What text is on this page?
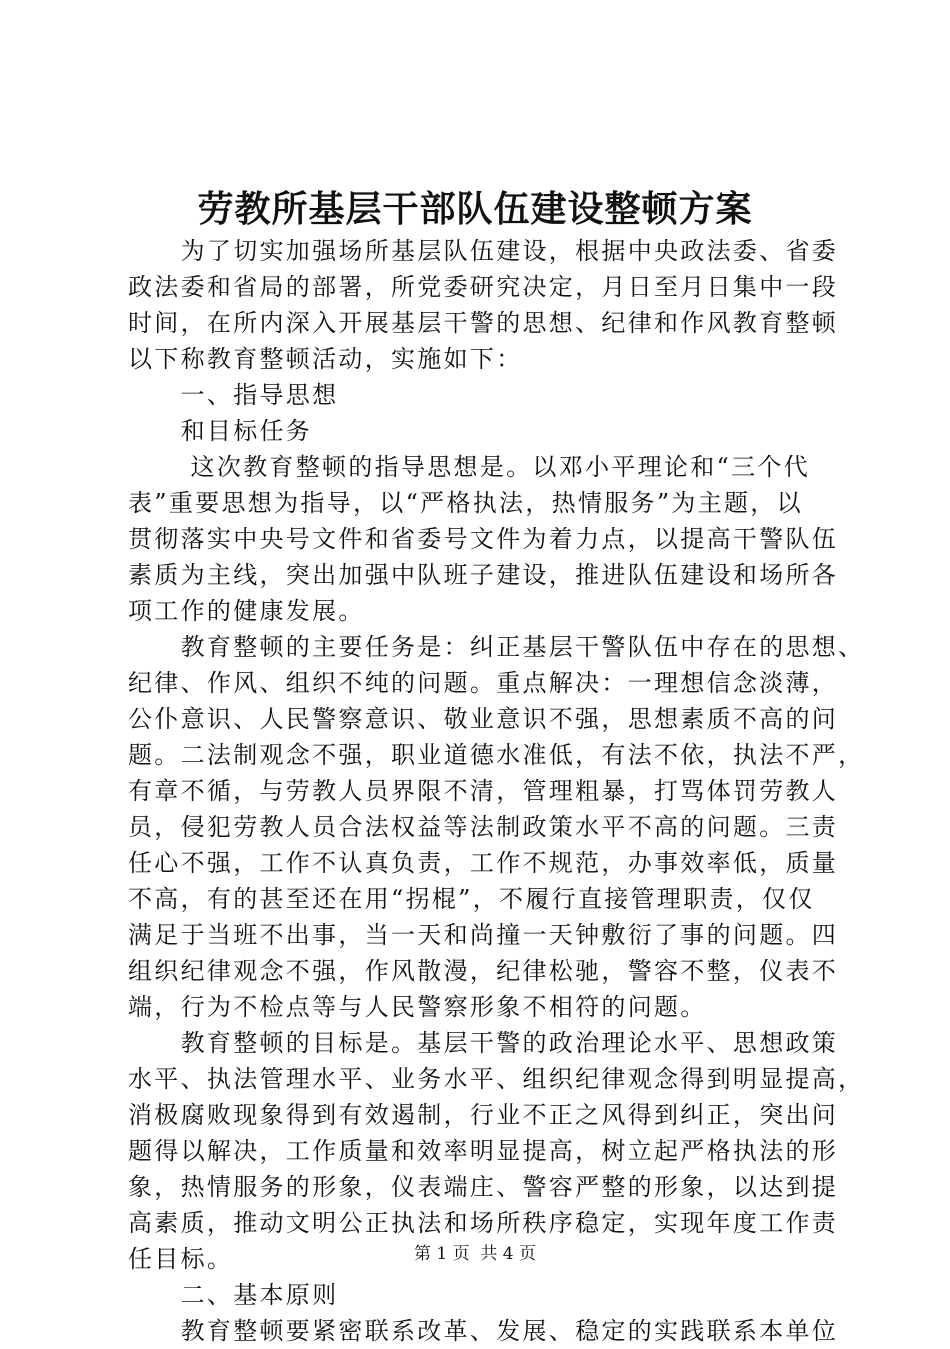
劳教所基层干部队伍建设整顿方案
　　为了切实加强场所基层队伍建设，根据中央政法委、省委
政法委和省局的部署，所党委研究决定，月日至月日集中一段
时间，在所内深入开展基层干警的思想、纪律和作风教育整顿
以下称教育整顿活动，实施如下：
　　一、指导思想
　　和目标任务
　　 这次教育整顿的指导思想是。以邓小平理论和“三个代
表”重要思想为指导，以“严格执法，热情服务”为主题，以
贯彻落实中央号文件和省委号文件为着力点，以提高干警队伍
素质为主线，突出加强中队班子建设，推进队伍建设和场所各
项工作的健康发展。
　　教育整顿的主要任务是：纠正基层干警队伍中存在的思想、
纪律、作风、组织不纯的问题。重点解决：一理想信念淡薄，
公仆意识、人民警察意识、敬业意识不强，思想素质不高的问
题。二法制观念不强，职业道德水准低，有法不依，执法不严，
有章不循，与劳教人员界限不清，管理粗暴，打骂体罚劳教人
员，侵犯劳教人员合法权益等法制政策水平不高的问题。三责
任心不强，工作不认真负责，工作不规范，办事效率低，质量
不高，有的甚至还在用“拐棍”，不履行直接管理职责，仅仅
满足于当班不出事，当一天和尚撞一天钟敷衍了事的问题。四
组织纪律观念不强，作风散漫，纪律松驰，警容不整，仪表不
端，行为不检点等与人民警察形象不相符的问题。
　　教育整顿的目标是。基层干警的政治理论水平、思想政策
水平、执法管理水平、业务水平、组织纪律观念得到明显提高，
消极腐败现象得到有效遏制，行业不正之风得到纠正，突出问
题得以解决，工作质量和效率明显提高，树立起严格执法的形
象，热情服务的形象，仪表端庄、警容严整的形象，以达到提
高素质，推动文明公正执法和场所秩序稳定，实现年度工作责
任目标。
　　二、基本原则
　　教育整顿要紧密联系改革、发展、稳定的实践联系本单位
第 1 页  共 4 页
